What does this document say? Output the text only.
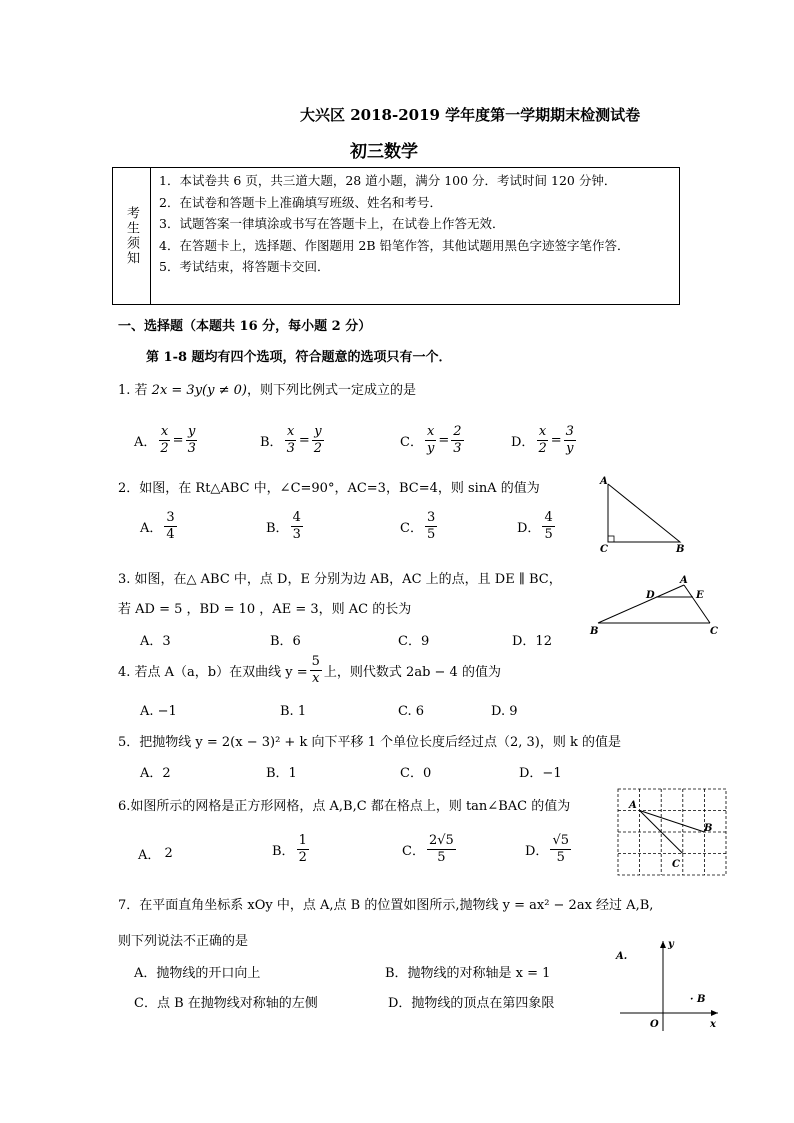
大兴区 2018-2019 学年度第一学期期末检测试卷
初三数学
考生须知
1．本试卷共 6 页，共三道大题，28 道小题，满分 100 分．考试时间 120 分钟．
2．在试卷和答题卡上准确填写班级、姓名和考号．
3．试题答案一律填涂或书写在答题卡上，在试卷上作答无效．
4．在答题卡上，选择题、作图题用 2B 铅笔作答，其他试题用黑色字迹签字笔作答．
5．考试结束，将答题卡交回．
一、选择题（本题共 16 分，每小题 2 分）
第 1-8 题均有四个选项，符合题意的选项只有一个．
1. 若 2x = 3y(y ≠ 0)，则下列比例式一定成立的是
A． $\frac{x}{2} = \frac{y}{3}$	B． $\frac{x}{3} = \frac{y}{2}$	C． $\frac{x}{y} = \frac{2}{3}$	D． $\frac{x}{2} = \frac{3}{y}$
2．如图，在 Rt△ABC 中，∠C=90°，AC=3，BC=4，则 sinA 的值为
A． $\frac{3}{4}$	B． $\frac{4}{3}$	C． $\frac{3}{5}$	D． $\frac{4}{5}$
A
C	B
3. 如图，在△ ABC 中，点 D，E 分别为边 AB，AC 上的点，且 DE ∥ BC，
若 AD = 5 ，BD = 10 ，AE = 3，则 AC 的长为
A．3	B．6	C．9	D．12
A
D	E
B	C
4. 若点 A（a，b）在双曲线 $y = \frac{5}{x}$ 上，则代数式 2ab − 4 的值为
A. −1	B. 1	C. 6	D. 9
5．把抛物线 y = 2(x − 3)² + k 向下平移 1 个单位长度后经过点（2, 3)，则 k 的值是
A．2	B．1	C．0	D．−1
6.如图所示的网格是正方形网格，点 A,B,C 都在格点上，则 tan∠BAC 的值为
A．
2	B． $\frac{1}{2}$	C． $\frac{2√5}{5}$	D． $\frac{√5}{5}$
A
B
C
7．在平面直角坐标系 xOy 中，点 A,点 B 的位置如图所示,抛物线 y = ax² − 2ax 经过 A,B,
则下列说法不正确的是
A．抛物线的开口向上	B．抛物线的对称轴是 x = 1
C．点 B 在抛物线对称轴的左侧	D．抛物线的顶点在第四象限
y
x
O
A.
· B
